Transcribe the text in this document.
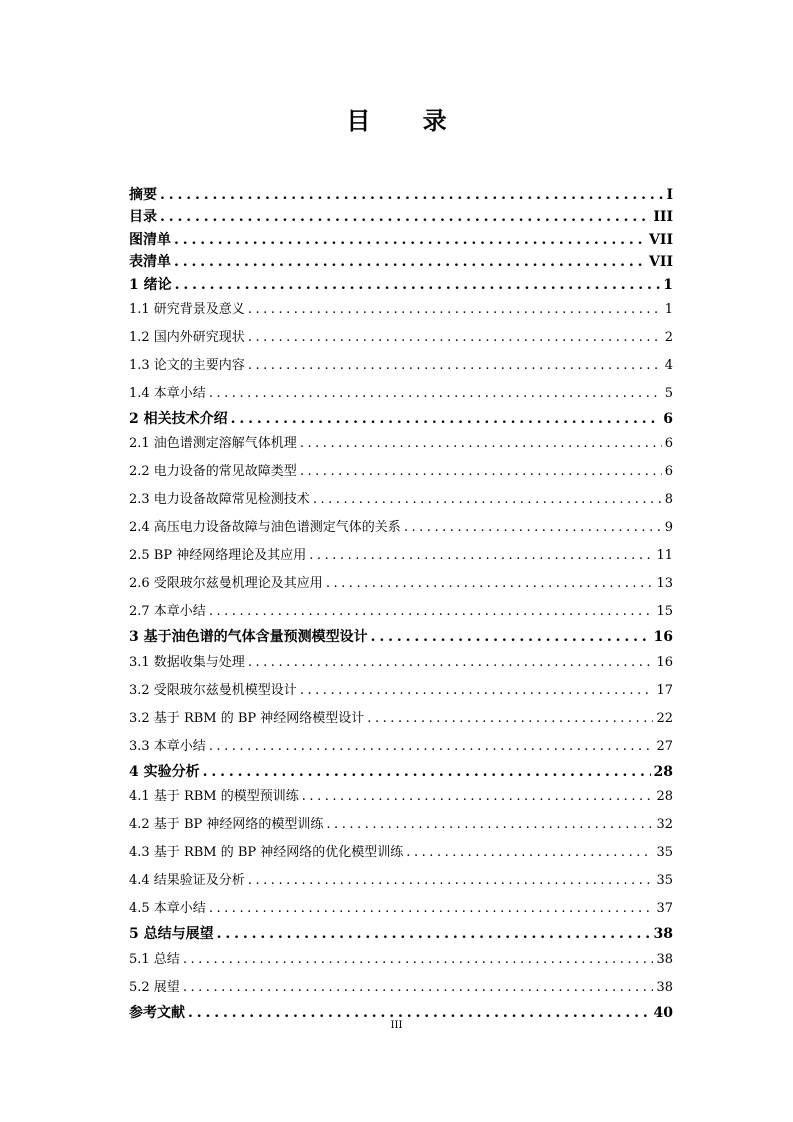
目 录
摘要 . . .	I
目录 . . .	III
图清单 . . .	VII
表清单 . . .	VII
1 绪论 . . .	1
1.1 研究背景及意义 . . .	1
1.2 国内外研究现状 . . .	2
1.3 论文的主要内容 . . .	4
1.4 本章小结 . . .	5
2 相关技术介绍 . . .	6
2.1 油色谱测定溶解气体机理 . . .	6
2.2 电力设备的常见故障类型 . . .	6
2.3 电力设备故障常见检测技术 . . .	8
2.4 高压电力设备故障与油色谱测定气体的关系 . . .	9
2.5 BP 神经网络理论及其应用 . . .	11
2.6 受限玻尔兹曼机理论及其应用 . . .	13
2.7 本章小结 . . .	15
3 基于油色谱的气体含量预测模型设计 . . .	16
3.1 数据收集与处理 . . .	16
3.2 受限玻尔兹曼机模型设计 . . .	17
3.2 基于 RBM 的 BP 神经网络模型设计 . . .	22
3.3 本章小结 . . .	27
4 实验分析 . . .	28
4.1 基于 RBM 的模型预训练 . . .	28
4.2 基于 BP 神经网络的模型训练 . . .	32
4.3 基于 RBM 的 BP 神经网络的优化模型训练 . . .	35
4.4 结果验证及分析 . . .	35
4.5 本章小结 . . .	37
5 总结与展望 . . .	38
5.1 总结 . . .	38
5.2 展望 . . .	38
参考文献 . . .	40
III
